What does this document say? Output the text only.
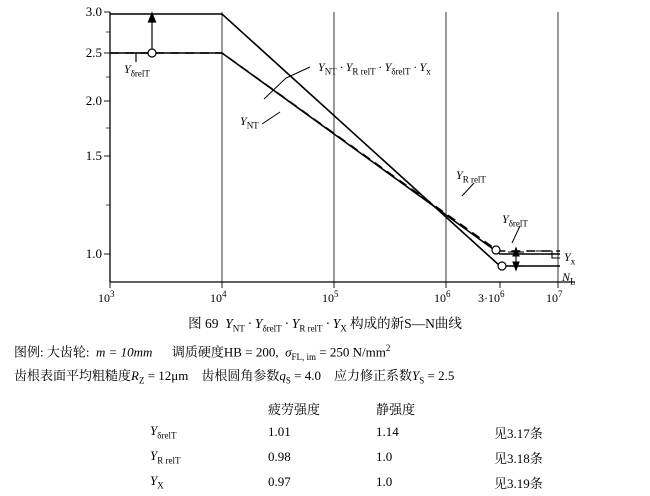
3.0
2.5
2.0
1.5
1.0
$10^3$	$10^4$	$10^5$	$10^6$ $3\cdot 10^6$	$10^7$
$Y_{\delta relT}$	$Y_{NT} \cdot Y_{R relT} \cdot Y_{\delta relT} \cdot Y_x$
$Y_{NT}$
$Y_{R relT}$
$Y_{\delta relT}$
$Y_x$
$N_L$
图 69 $Y_{NT} \cdot Y_{\delta relT} \cdot Y_{R relT} \cdot Y_X$ 构成的新S—N曲线
图例: 大齿轮: m = 10mm 调质硬度HB = 200, $\sigma_{FL, im} = 250$ $N/mm^2$
齿根表面平均粗糙度$R_Z = 12\mu m$ 齿根圆角参数$q_S = 4.0$ 应力修正系数$Y_S = 2.5$
	疲劳强度	静强度	
$Y_{\delta relT}$	1.01	1.14	见3.17条
$Y_{R relT}$	0.98	1.0	见3.18条
$Y_X$	0.97	1.0	见3.19条
